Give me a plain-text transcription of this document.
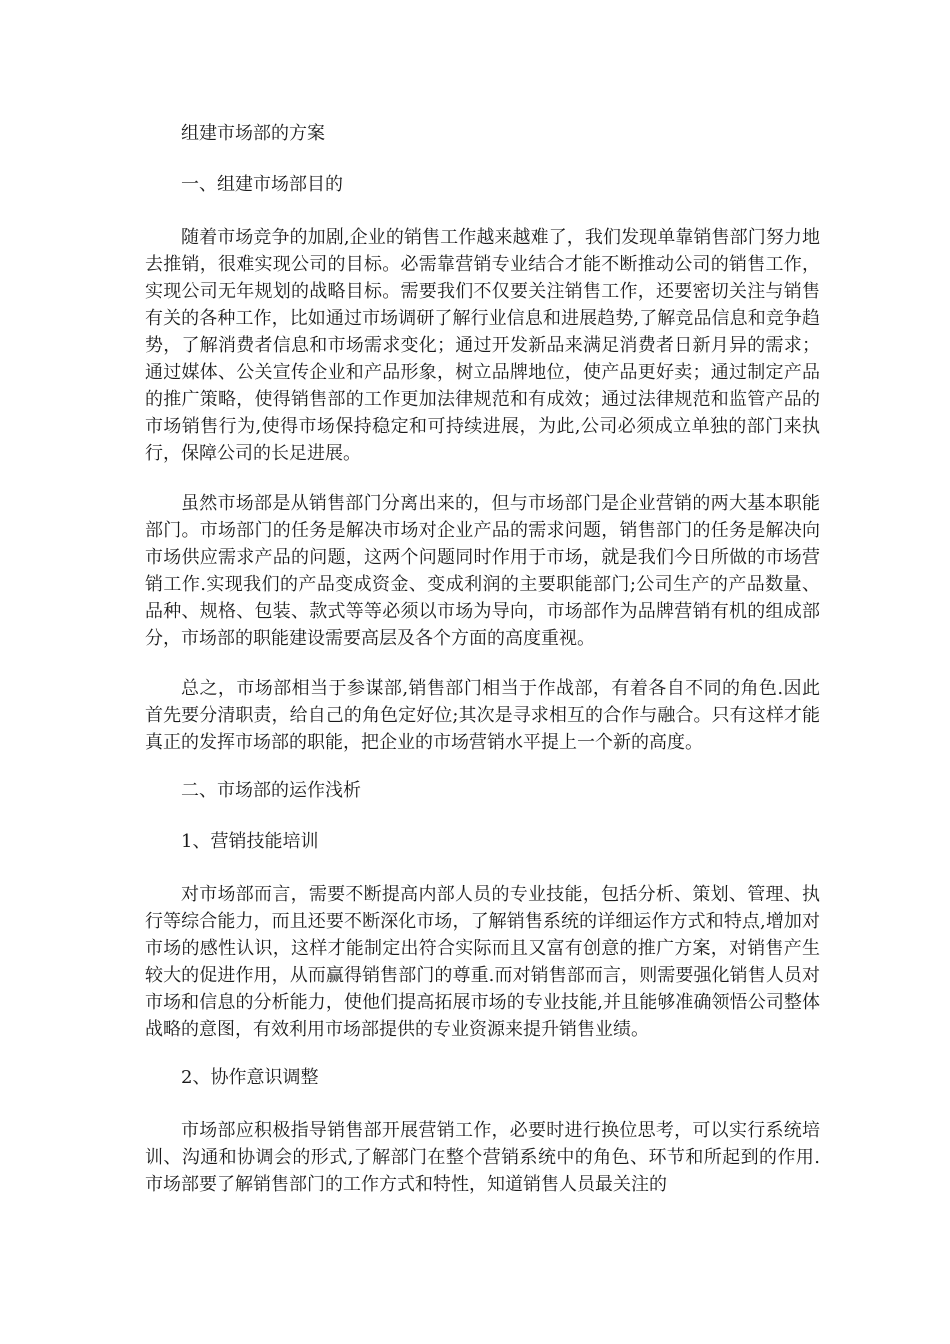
组建市场部的方案

一、组建市场部目的

随着市场竞争的加剧,企业的销售工作越来越难了，我们发现单靠销售部门努力地去推销，很难实现公司的目标。必需靠营销专业结合才能不断推动公司的销售工作，实现公司无年规划的战略目标。需要我们不仅要关注销售工作，还要密切关注与销售有关的各种工作，比如通过市场调研了解行业信息和进展趋势,了解竞品信息和竞争趋势，了解消费者信息和市场需求变化；通过开发新品来满足消费者日新月异的需求；通过媒体、公关宣传企业和产品形象，树立品牌地位，使产品更好卖；通过制定产品的推广策略，使得销售部的工作更加法律规范和有成效；通过法律规范和监管产品的市场销售行为,使得市场保持稳定和可持续进展，为此,公司必须成立单独的部门来执行，保障公司的长足进展。

虽然市场部是从销售部门分离出来的，但与市场部门是企业营销的两大基本职能部门。市场部门的任务是解决市场对企业产品的需求问题，销售部门的任务是解决向市场供应需求产品的问题，这两个问题同时作用于市场，就是我们今日所做的市场营销工作.实现我们的产品变成资金、变成利润的主要职能部门;公司生产的产品数量、品种、规格、包装、款式等等必须以市场为导向，市场部作为品牌营销有机的组成部分，市场部的职能建设需要高层及各个方面的高度重视。

总之，市场部相当于参谋部,销售部门相当于作战部，有着各自不同的角色.因此首先要分清职责，给自己的角色定好位;其次是寻求相互的合作与融合。只有这样才能真正的发挥市场部的职能，把企业的市场营销水平提上一个新的高度。

二、市场部的运作浅析

1、营销技能培训

对市场部而言，需要不断提高内部人员的专业技能，包括分析、策划、管理、执行等综合能力，而且还要不断深化市场，了解销售系统的详细运作方式和特点,增加对市场的感性认识，这样才能制定出符合实际而且又富有创意的推广方案，对销售产生较大的促进作用，从而赢得销售部门的尊重.而对销售部而言，则需要强化销售人员对市场和信息的分析能力，使他们提高拓展市场的专业技能,并且能够准确领悟公司整体战略的意图，有效利用市场部提供的专业资源来提升销售业绩。

2、协作意识调整

市场部应积极指导销售部开展营销工作，必要时进行换位思考，可以实行系统培训、沟通和协调会的形式,了解部门在整个营销系统中的角色、环节和所起到的作用.市场部要了解销售部门的工作方式和特性，知道销售人员最关注的
